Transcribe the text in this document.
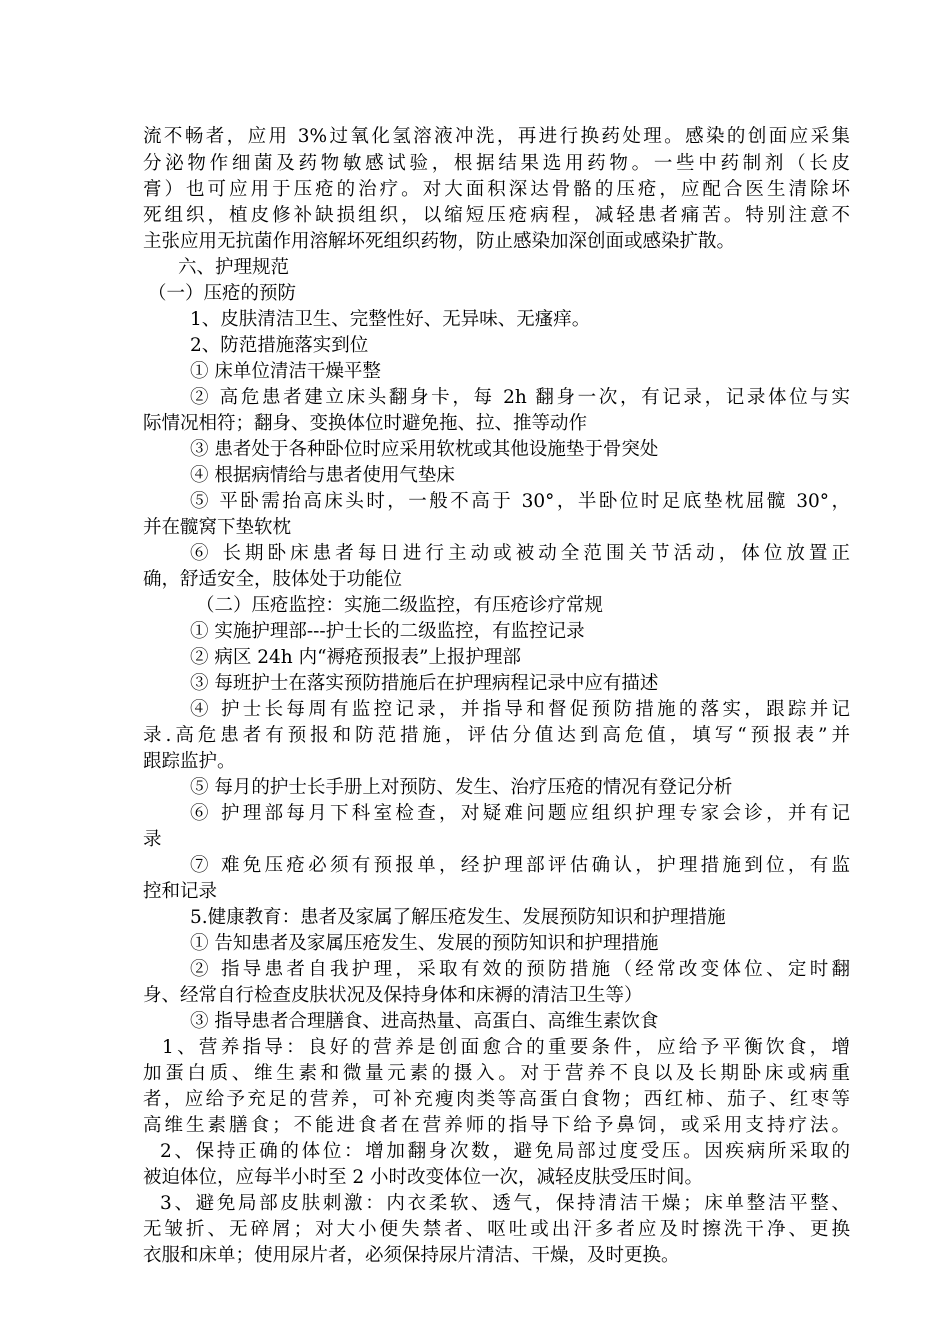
流不畅者，应用 3%过氧化氢溶液冲洗，再进行换药处理。感染的创面应采集
分泌物作细菌及药物敏感试验，根据结果选用药物。一些中药制剂（长皮
膏）也可应用于压疮的治疗。对大面积深达骨骼的压疮，应配合医生清除坏
死组织，植皮修补缺损组织，以缩短压疮病程，减轻患者痛苦。特别注意不
主张应用无抗菌作用溶解坏死组织药物，防止感染加深创面或感染扩散。
六、护理规范
（一）压疮的预防
1、皮肤清洁卫生、完整性好、无异味、无瘙痒。
2、防范措施落实到位
① 床单位清洁干燥平整
② 高危患者建立床头翻身卡，每 2h 翻身一次，有记录，记录体位与实
际情况相符；翻身、变换体位时避免拖、拉、推等动作
③ 患者处于各种卧位时应采用软枕或其他设施垫于骨突处
④ 根据病情给与患者使用气垫床
⑤ 平卧需抬高床头时，一般不高于 30°，半卧位时足底垫枕屈髋 30°，
并在髋窝下垫软枕
⑥ 长期卧床患者每日进行主动或被动全范围关节活动，体位放置正
确，舒适安全，肢体处于功能位
（二）压疮监控：实施二级监控，有压疮诊疗常规
① 实施护理部---护士长的二级监控，有监控记录
② 病区 24h 内“褥疮预报表”上报护理部
③ 每班护士在落实预防措施后在护理病程记录中应有描述
④ 护士长每周有监控记录，并指导和督促预防措施的落实，跟踪并记
录.高危患者有预报和防范措施，评估分值达到高危值，填写“预报表”并
跟踪监护。
⑤ 每月的护士长手册上对预防、发生、治疗压疮的情况有登记分析
⑥ 护理部每月下科室检查，对疑难问题应组织护理专家会诊，并有记
录
⑦ 难免压疮必须有预报单，经护理部评估确认，护理措施到位，有监
控和记录
5.健康教育：患者及家属了解压疮发生、发展预防知识和护理措施
① 告知患者及家属压疮发生、发展的预防知识和护理措施
② 指导患者自我护理，采取有效的预防措施（经常改变体位、定时翻
身、经常自行检查皮肤状况及保持身体和床褥的清洁卫生等）
③ 指导患者合理膳食、进高热量、高蛋白、高维生素饮食
1、营养指导：良好的营养是创面愈合的重要条件，应给予平衡饮食，增
加蛋白质、维生素和微量元素的摄入。对于营养不良以及长期卧床或病重
者，应给予充足的营养，可补充瘦肉类等高蛋白食物；西红柿、茄子、红枣等
高维生素膳食；不能进食者在营养师的指导下给予鼻饲，或采用支持疗法。
2、保持正确的体位：增加翻身次数，避免局部过度受压。因疾病所采取的
被迫体位，应每半小时至 2 小时改变体位一次，减轻皮肤受压时间。
3、避免局部皮肤刺激：内衣柔软、透气，保持清洁干燥；床单整洁平整、
无皱折、无碎屑；对大小便失禁者、呕吐或出汗多者应及时擦洗干净、更换
衣服和床单；使用尿片者，必须保持尿片清洁、干燥，及时更换。
